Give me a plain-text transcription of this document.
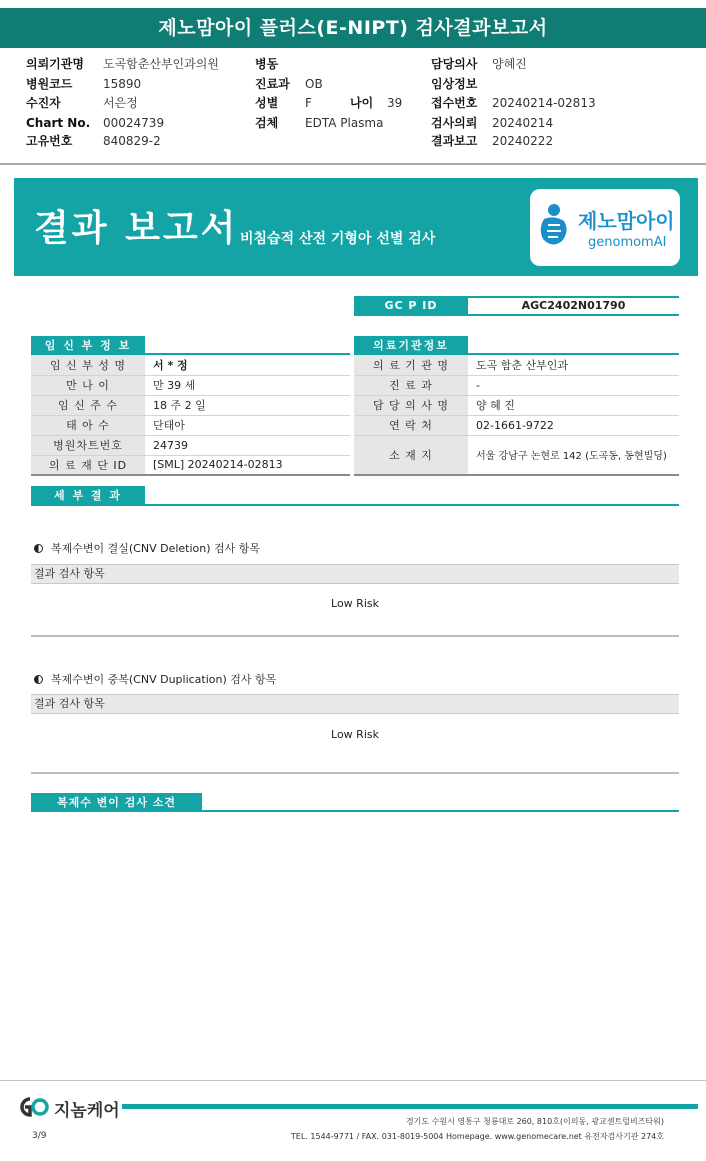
제노맘아이 플러스(E-NIPT) 검사결과보고서
의뢰기관명 도곡함춘산부인과의원
병원코드	15890
수진자	서은정
Chart No. 00024739
고유번호	840829-2
병동
진료과 OB
성별 F	나이 39
검체 EDTA Plasma
담당의사 양혜진
임상정보
접수번호 20240214-02813
검사의뢰 20240214
결과보고 20240222
결과 보고서 비침습적 산전 기형아 선별 검사
제노맘아이
genomomAI
GC P ID	AGC2402N01790
임 신 부 정 보
임 신 부 성 명	서 * 정
만 나 이	만 39 세
임 신 주 수	18 주 2 일
태 아 수	단태아
병원차트번호	24739
의 료 재 단 ID	[SML] 20240214-02813
의료기관정보
의 료 기 관 명	도곡 함춘 산부인과
진 료 과	-
담 당 의 사 명	양 혜 진
연 락 처	02-1661-9722
소 재 지	서울 강남구 논현로 142 (도곡동, 동현빌딩)
세 부 결 과
복제수변이 결실(CNV Deletion) 검사 항목
결과 검사 항목
Low Risk
복제수변이 중복(CNV Duplication) 검사 항목
결과 검사 항목
Low Risk
복제수 변이 검사 소견
지놈케어
경기도 수원시 영통구 청룡대로 260, 810호(이의동, 광교센트럴비즈타워)
TEL. 1544-9771 / FAX. 031-8019-5004 Homepage. www.genomecare.net 유전자검사기관 274호
3/9
